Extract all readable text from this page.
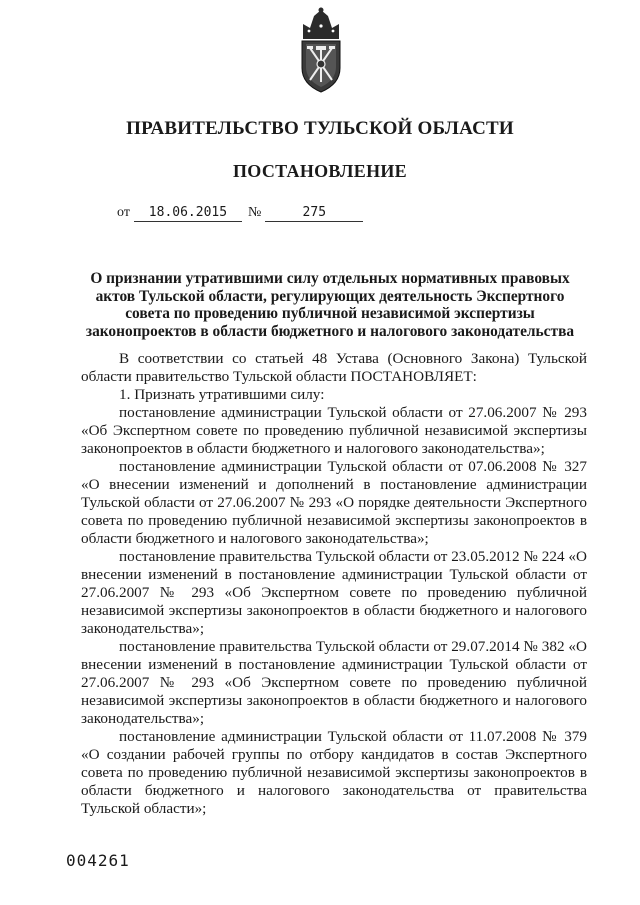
ПРАВИТЕЛЬСТВО ТУЛЬСКОЙ ОБЛАСТИ
ПОСТАНОВЛЕНИЕ
от 18.06.2015 №	275
О признании утратившими силу отдельных нормативных правовых актов Тульской области, регулирующих деятельность Экспертного совета по проведению публичной независимой экспертизы законопроектов в области бюджетного и налогового законодательства

В соответствии со статьей 48 Устава (Основного Закона) Тульской области правительство Тульской области ПОСТАНОВЛЯЕТ:

1. Признать утратившими силу:

постановление администрации Тульской области от 27.06.2007 № 293 «Об Экспертном совете по проведению публичной независимой экспертизы законопроектов в области бюджетного и налогового законодательства»;

постановление администрации Тульской области от 07.06.2008 № 327 «О внесении изменений и дополнений в постановление администрации Тульской области от 27.06.2007 № 293 «О порядке деятельности Экспертного совета по проведению публичной независимой экспертизы законопроектов в области бюджетного и налогового законодательства»;

постановление правительства Тульской области от 23.05.2012 № 224 «О внесении изменений в постановление администрации Тульской области от 27.06.2007 № 293 «Об Экспертном совете по проведению публичной независимой экспертизы законопроектов в области бюджетного и налогового законодательства»;

постановление правительства Тульской области от 29.07.2014 № 382 «О внесении изменений в постановление администрации Тульской области от 27.06.2007 № 293 «Об Экспертном совете по проведению публичной независимой экспертизы законопроектов в области бюджетного и налогового законодательства»;

постановление администрации Тульской области от 11.07.2008 № 379 «О создании рабочей группы по отбору кандидатов в состав Экспертного совета по проведению публичной независимой экспертизы законопроектов в области бюджетного и налогового законодательства от правительства Тульской области»;

004261
